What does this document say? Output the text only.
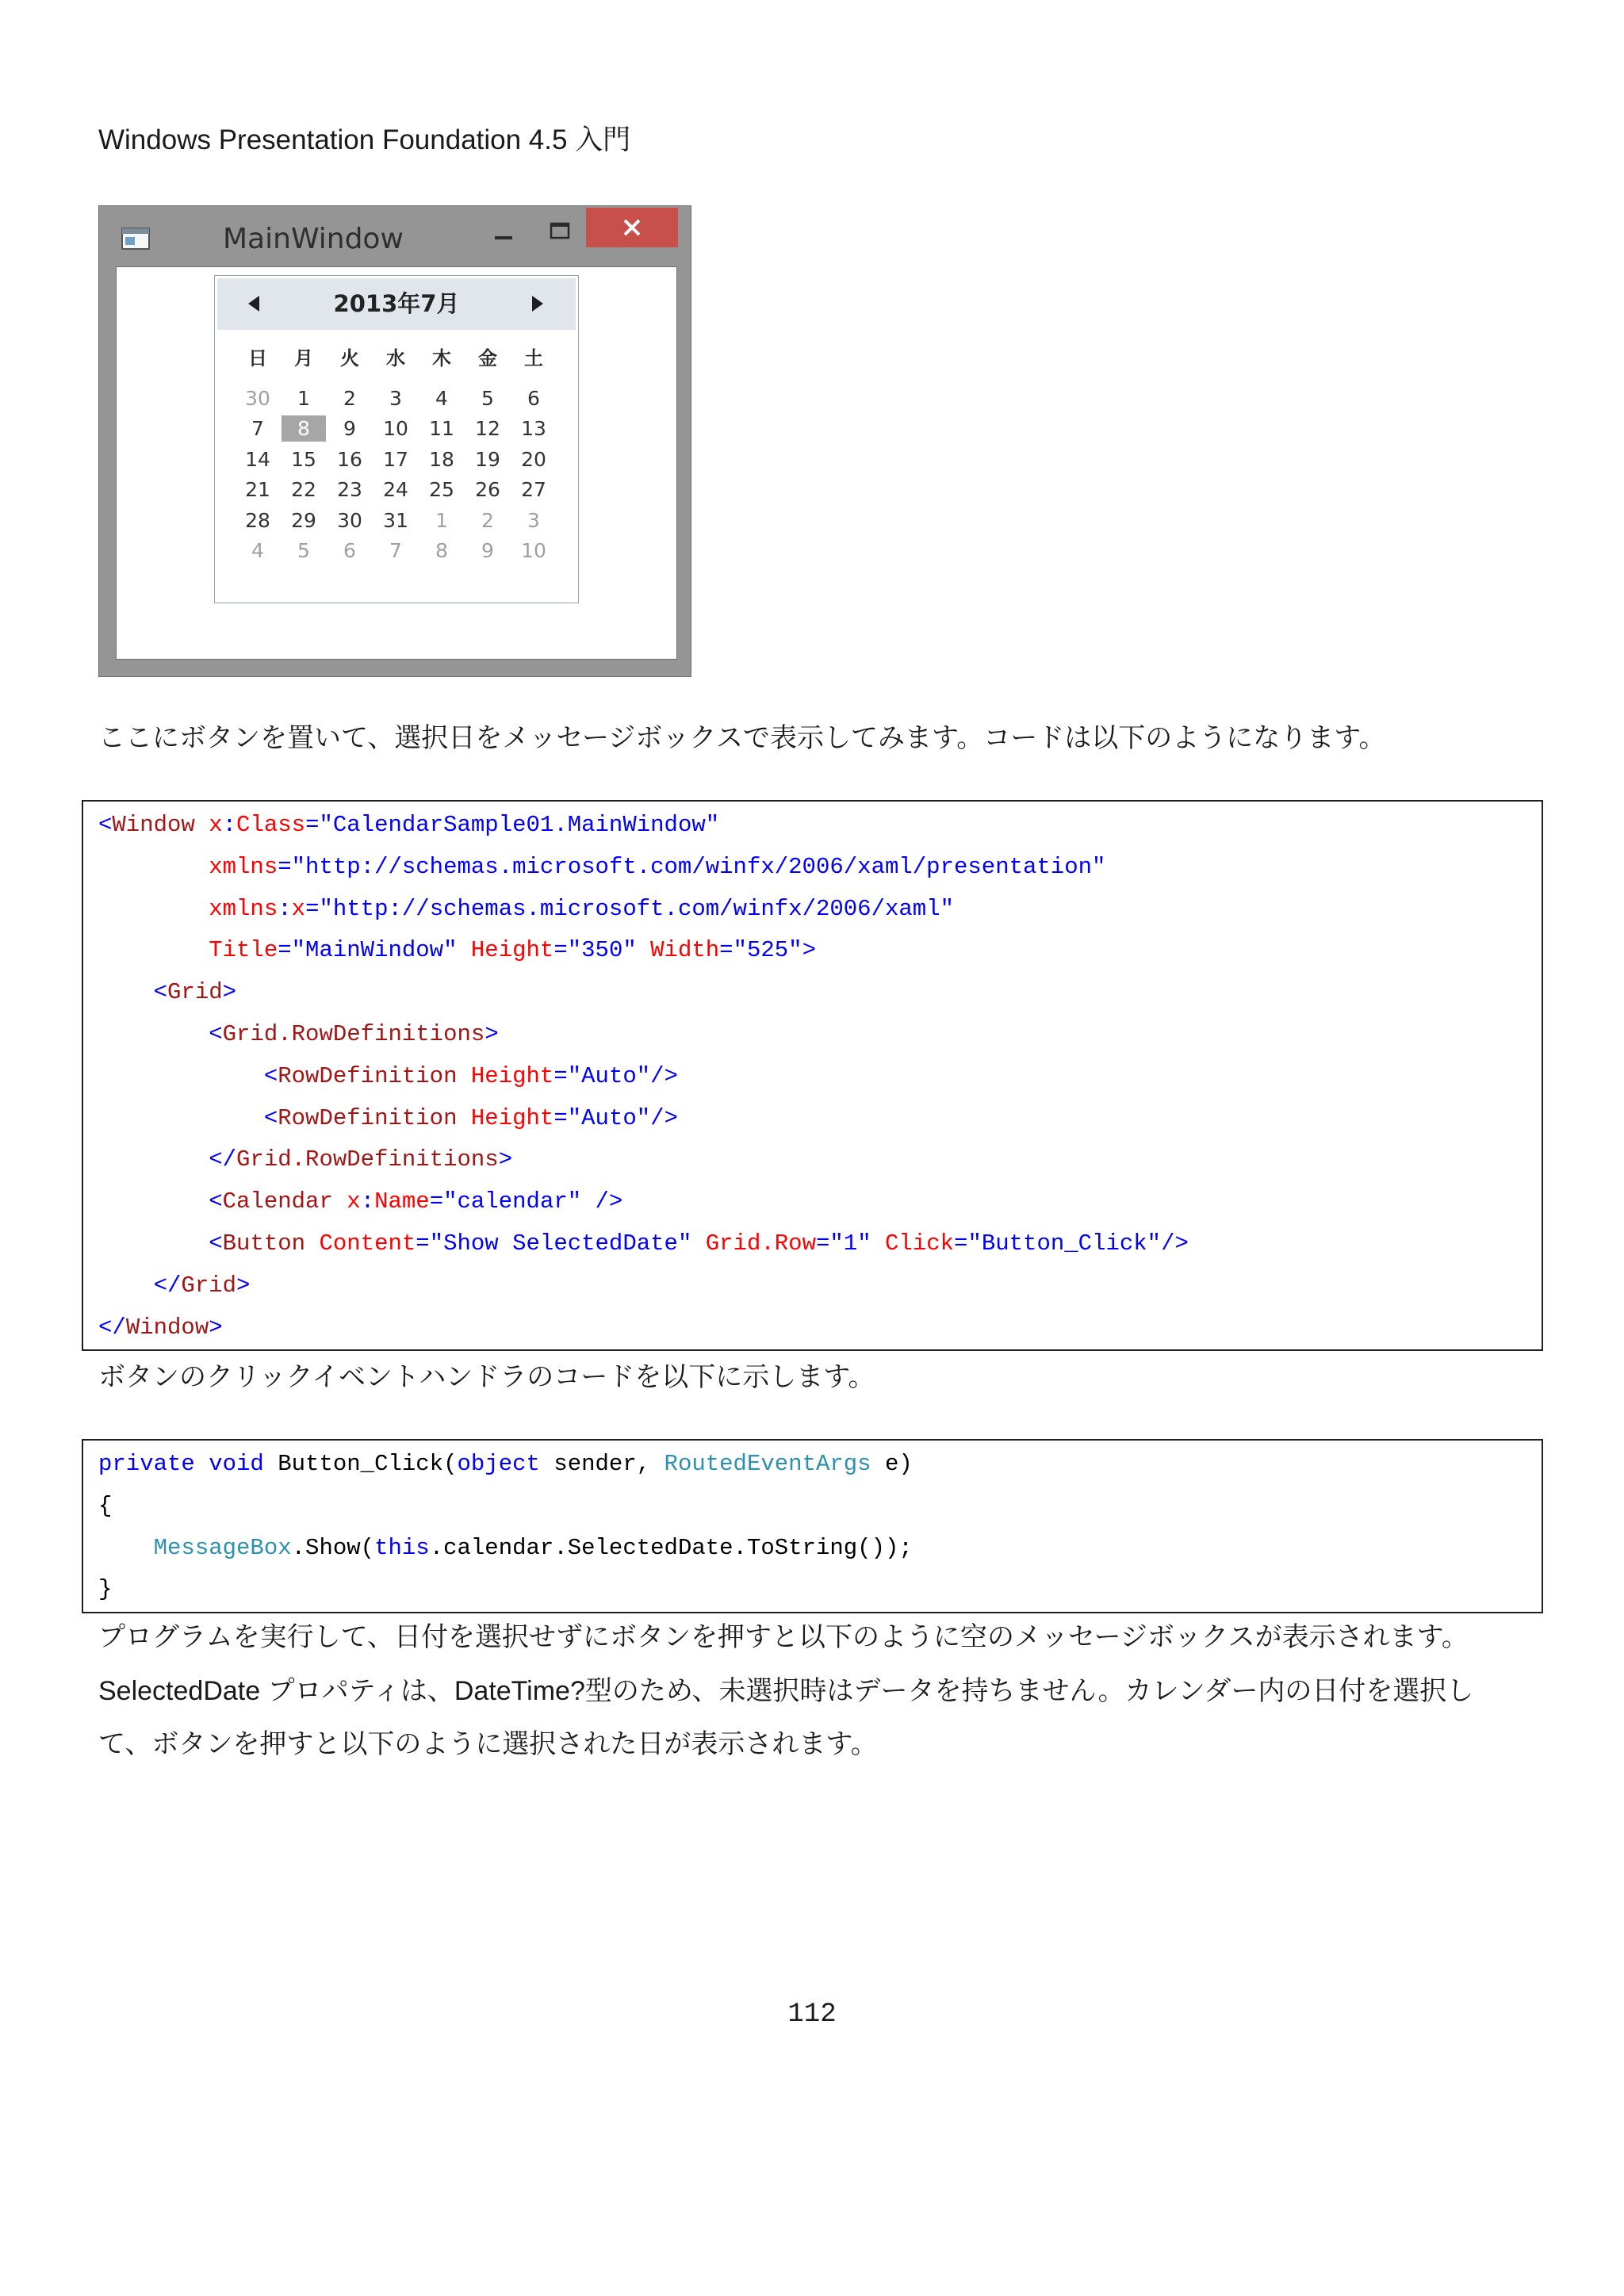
Windows Presentation Foundation 4.5 入門
MainWindow
2013年7月
日	月	火	水	木	金	土
30	1	2	3	4	5	6
7	8	9	10	11	12	13
14	15	16	17	18	19	20
21	22	23	24	25	26	27
28	29	30	31	1	2	3
4	5	6	7	8	9	10
ここにボタンを置いて、選択日をメッセージボックスで表示してみます。コードは以下のようになります。
<Window x:Class="CalendarSample01.MainWindow"
xmlns="http://schemas.microsoft.com/winfx/2006/xaml/presentation"
xmlns:x="http://schemas.microsoft.com/winfx/2006/xaml"
Title="MainWindow" Height="350" Width="525">
<Grid>
<Grid.RowDefinitions>
<RowDefinition Height="Auto"/>
<RowDefinition Height="Auto"/>
</Grid.RowDefinitions>
<Calendar x:Name="calendar" />
<Button Content="Show SelectedDate" Grid.Row="1" Click="Button_Click"/>
</Grid>
</Window>
ボタンのクリックイベントハンドラのコードを以下に示します。
private void Button_Click(object sender, RoutedEventArgs e)
{
MessageBox.Show(this.calendar.SelectedDate.ToString());
}
プログラムを実行して、日付を選択せずにボタンを押すと以下のように空のメッセージボックスが表示されます。
SelectedDate プロパティは、DateTime?型のため、未選択時はデータを持ちません。カレンダー内の日付を選択し
て、ボタンを押すと以下のように選択された日が表示されます。
112
